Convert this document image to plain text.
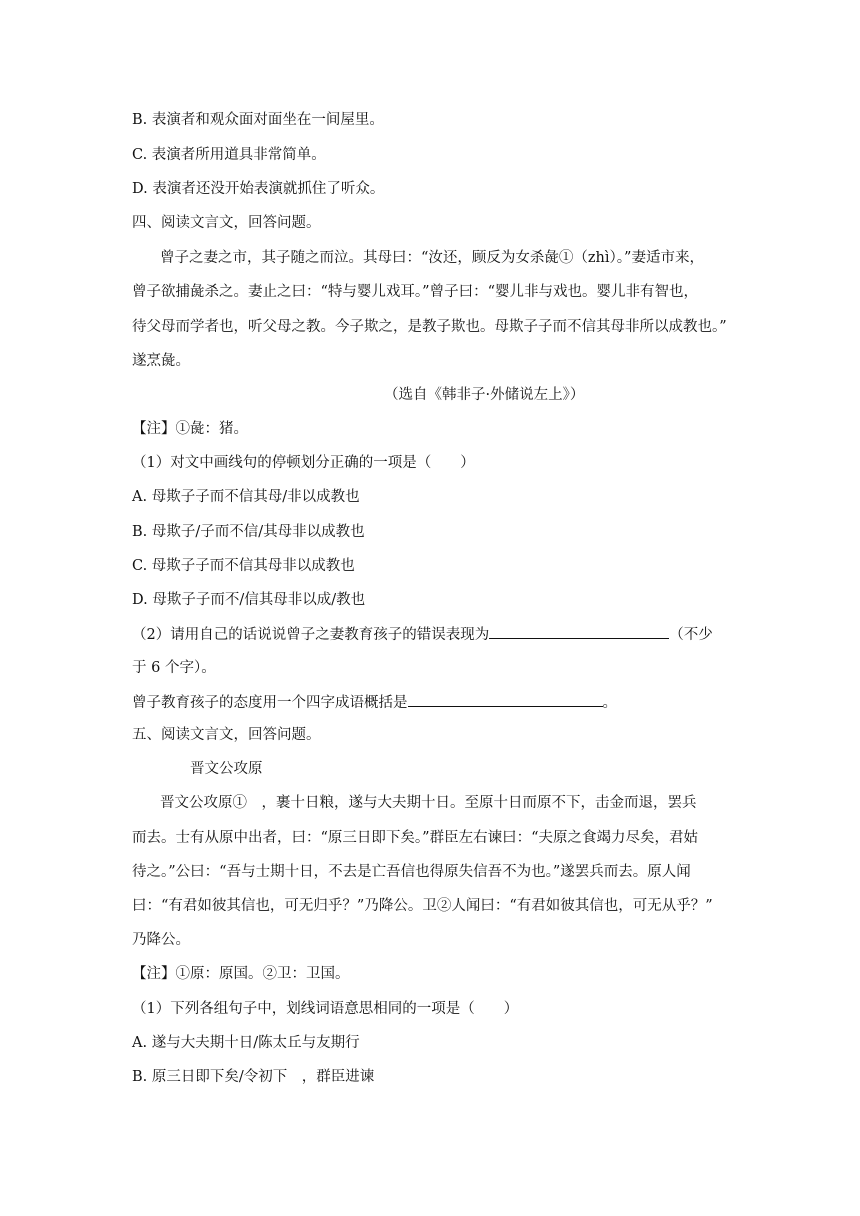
B. 表演者和观众面对面坐在一间屋里。
C. 表演者所用道具非常简单。
D. 表演者还没开始表演就抓住了听众。
四、阅读文言文，回答问题。
曾子之妻之市，其子随之而泣。其母曰：“汝还，顾反为女杀彘①（zhì）。”妻适市来，
曾子欲捕彘杀之。妻止之曰：“特与婴儿戏耳。”曾子曰：“婴儿非与戏也。婴儿非有智也，
待父母而学者也，听父母之教。今子欺之，是教子欺也。母欺子子而不信其母非所以成教也。”
遂烹彘。
（选自《韩非子·外储说左上》）
【注】①彘：猪。
（1）对文中画线句的停顿划分正确的一项是（　　）
A. 母欺子子而不信其母/非以成教也
B. 母欺子/子而不信/其母非以成教也
C. 母欺子子而不信其母非以成教也
D. 母欺子子而不/信其母非以成/教也
（2）请用自己的话说说曾子之妻教育孩子的错误表现为	（不少
于 6 个字）。
曾子教育孩子的态度用一个四字成语概括是	。
五、阅读文言文，回答问题。
晋文公攻原
晋文公攻原①　，裹十日粮，遂与大夫期十日。至原十日而原不下，击金而退，罢兵
而去。士有从原中出者，曰：“原三日即下矣。”群臣左右谏曰：“夫原之食竭力尽矣，君姑
待之。”公曰：“吾与士期十日，不去是亡吾信也得原失信吾不为也。”遂罢兵而去。原人闻
曰：“有君如彼其信也，可无归乎？”乃降公。卫②人闻曰：“有君如彼其信也，可无从乎？”
乃降公。
【注】①原：原国。②卫：卫国。
（1）下列各组句子中，划线词语意思相同的一项是（　　）
A. 遂与大夫期十日/陈太丘与友期行
B. 原三日即下矣/令初下　，群臣进谏
